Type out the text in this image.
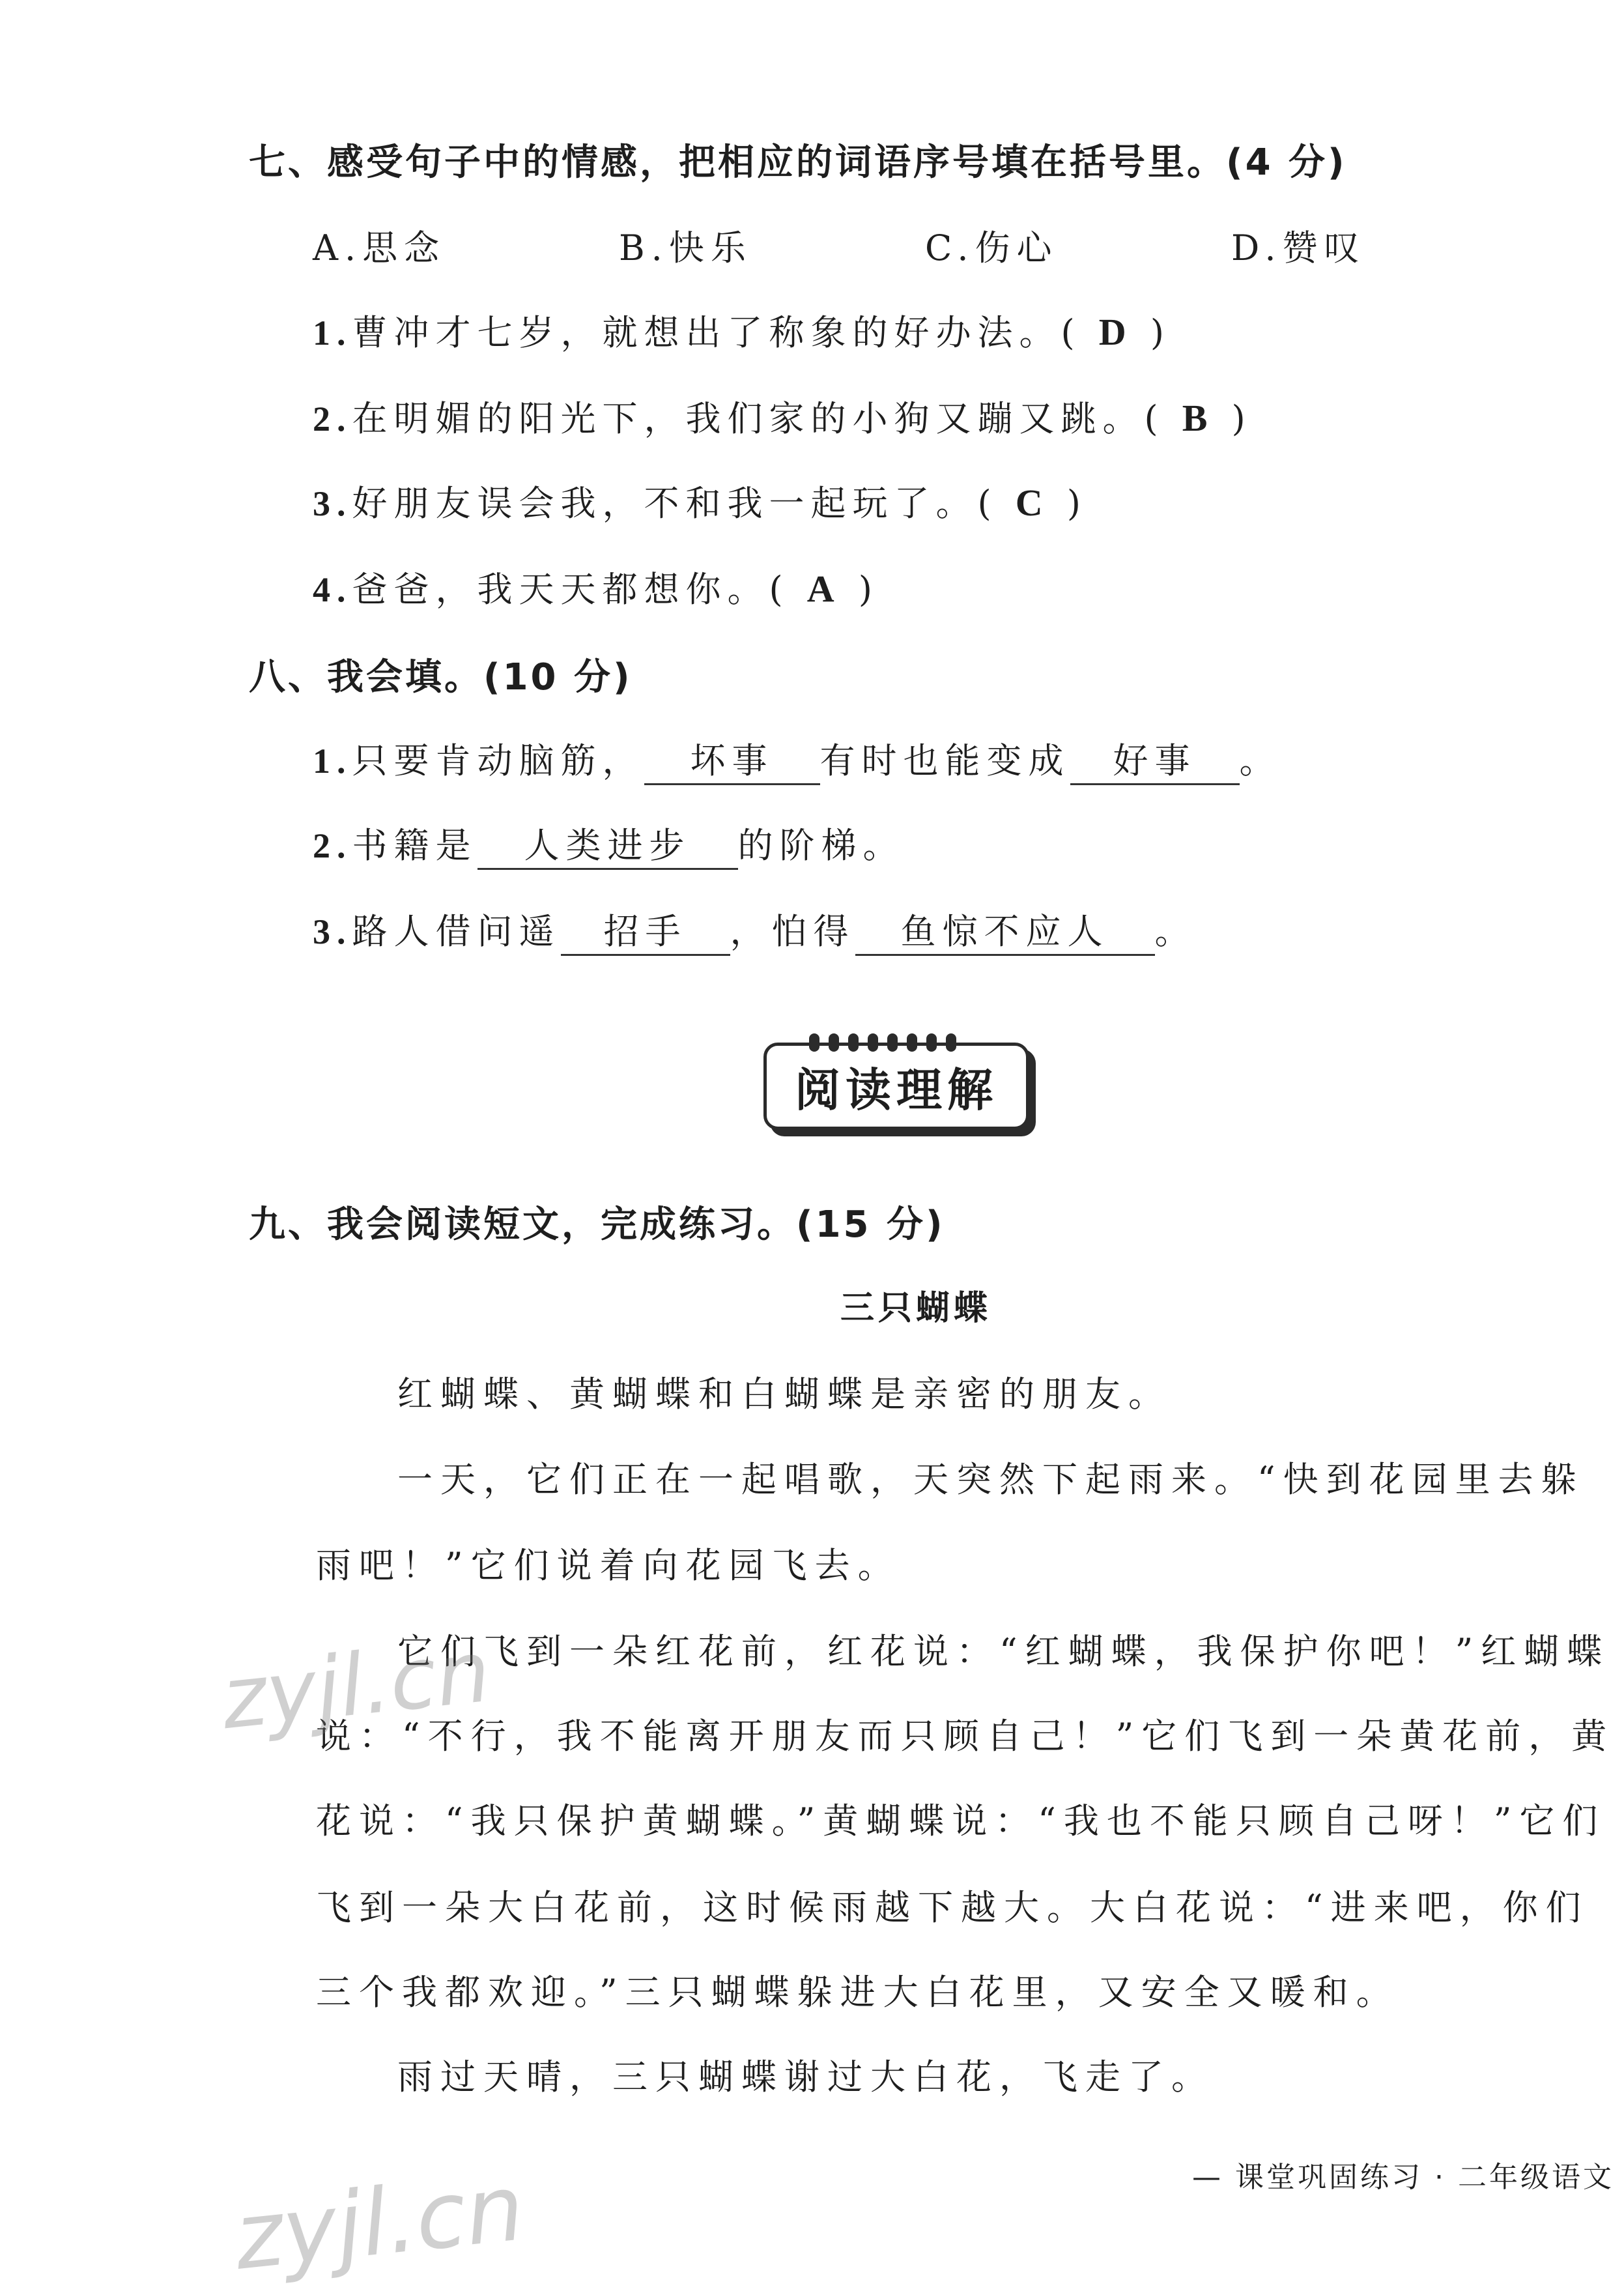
七、感受句子中的情感，把相应的词语序号填在括号里。(4 分)
A.思念	B.快乐	C.伤心	D.赞叹
1.曹冲才七岁，就想出了称象的好办法。( D )
2.在明媚的阳光下，我们家的小狗又蹦又跳。( B )
3.好朋友误会我，不和我一起玩了。( C )
4.爸爸，我天天都想你。( A )
八、我会填。(10 分)
1.只要肯动脑筋， 坏事 有时也能变成 好事 。
2.书籍是 人类进步 的阶梯。
3.路人借问遥 招手 ，怕得 鱼惊不应人 。
阅读理解
九、我会阅读短文，完成练习。(15 分)
三只蝴蝶
红蝴蝶、黄蝴蝶和白蝴蝶是亲密的朋友。
一天，它们正在一起唱歌，天突然下起雨来。“快到花园里去躲
雨吧！”它们说着向花园飞去。
它们飞到一朵红花前，红花说：“红蝴蝶，我保护你吧！”红蝴蝶
说：“不行，我不能离开朋友而只顾自己！”它们飞到一朵黄花前，黄
花说：“我只保护黄蝴蝶。”黄蝴蝶说：“我也不能只顾自己呀！”它们
飞到一朵大白花前，这时候雨越下越大。大白花说：“进来吧，你们
三个我都欢迎。”三只蝴蝶躲进大白花里，又安全又暖和。
雨过天晴，三只蝴蝶谢过大白花，飞走了。
— 课堂巩固练习 · 二年级语文
zyjl.cn
zyjl.cn
